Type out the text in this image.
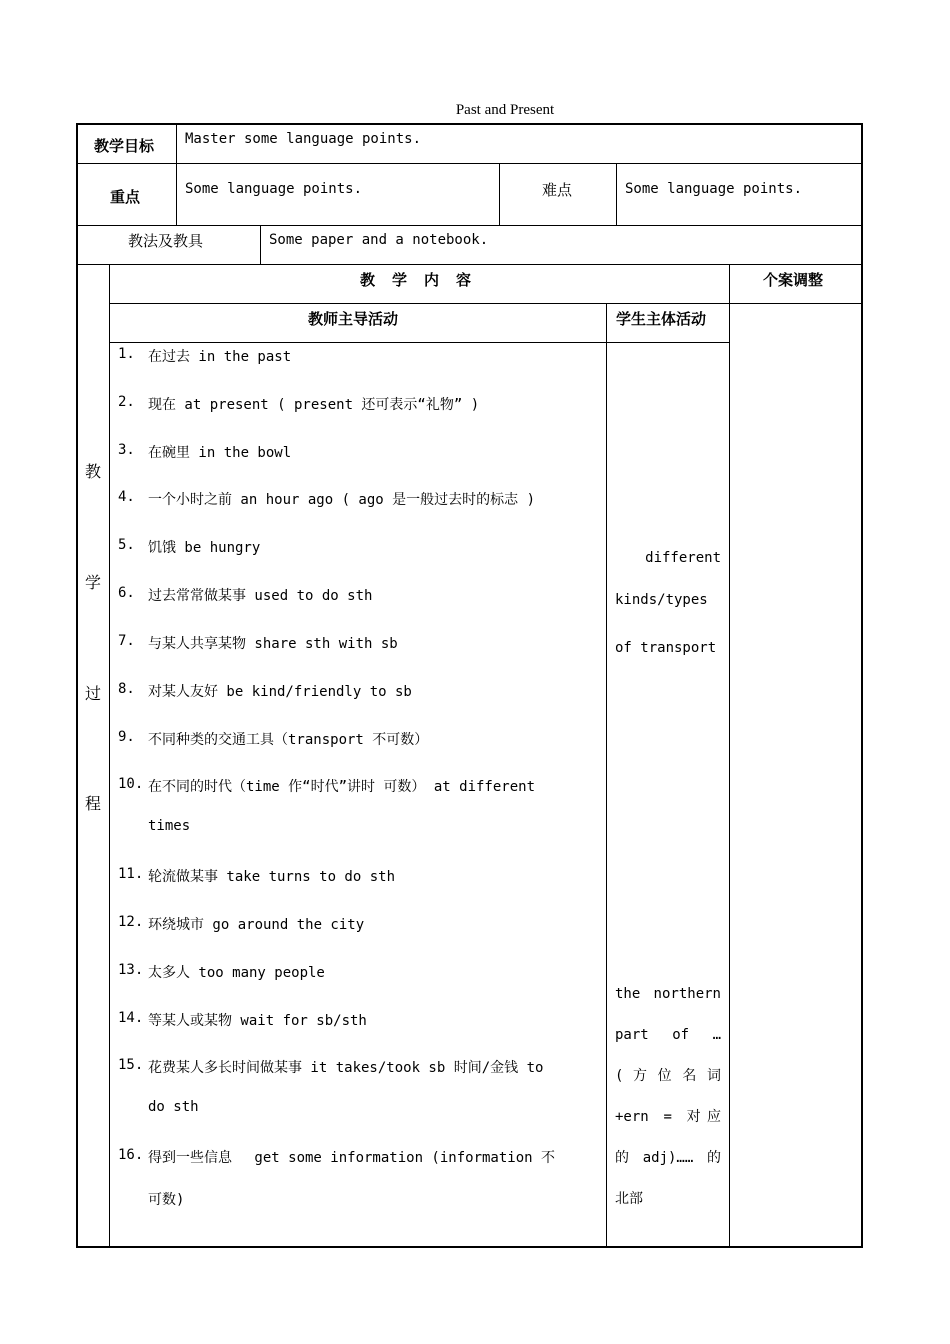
Past and Present
教学目标 Master some language points.
重点	Some language points.	难点	Some language points.
教法及教具	Some paper and a notebook.
教　学　内　容	个案调整
教师主导活动	学生主体活动
教
学
过
程
1. 在过去 in the past
2. 现在 at present ( present 还可表示“礼物” )
3. 在碗里 in the bowl
4. 一个小时之前 an hour ago ( ago 是一般过去时的标志 )
5. 饥饿 be hungry
6. 过去常常做某事 used to do sth
7. 与某人共享某物 share sth with sb
8. 对某人友好 be kind/friendly to sb
9. 不同种类的交通工具（transport 不可数）
10. 在不同的时代（time 作“时代”讲时 可数） at different
times
11. 轮流做某事 take turns to do sth
12. 环绕城市 go around the city
13. 太多人 too many people
14. 等某人或某物 wait for sb/sth
15. 花费某人多长时间做某事 it takes/took sb 时间/金钱 to
do sth
16. 得到一些信息　 get some information (information 不
可数)
different
kinds/types
of transport
the northern
part of …
( 方 位 名 词
+ern = 对应
的adj)……的
北部
